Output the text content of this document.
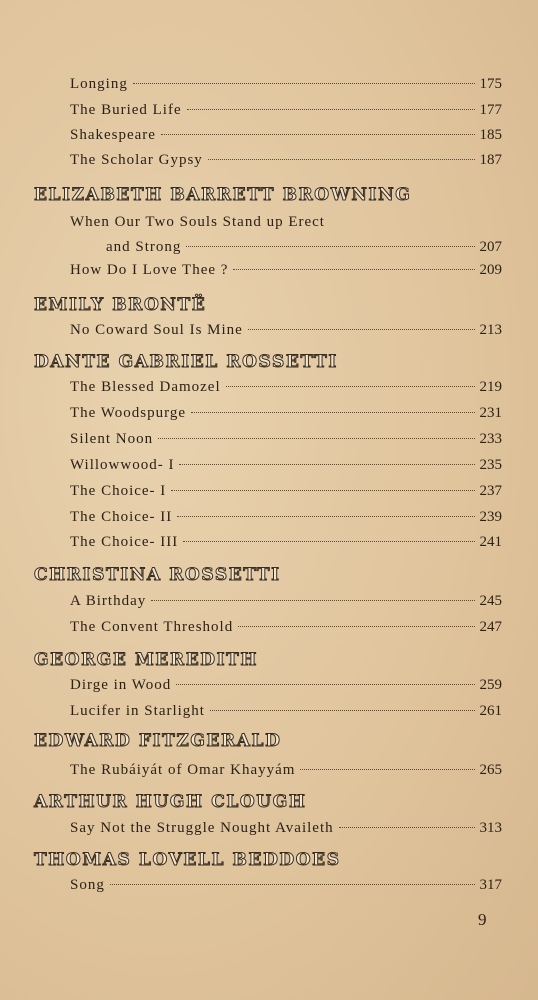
Longing	175
The Buried Life	177
Shakespeare	185
The Scholar Gypsy	187
ELIZABETH BARRETT BROWNING
When Our Two Souls Stand up Erect
and Strong	207
How Do I Love Thee ?	209
EMILY BRONTË
No Coward Soul Is Mine	213
DANTE GABRIEL ROSSETTI
The Blessed Damozel	219
The Woodspurge	231
Silent Noon	233
Willowwood- I	235
The Choice- I	237
The Choice- II	239
The Choice- III	241
CHRISTINA ROSSETTI
A Birthday	245
The Convent Threshold	247
GEORGE MEREDITH
Dirge in Wood	259
Lucifer in Starlight	261
EDWARD FITZGERALD
The Rubáiyát of Omar Khayyám	265
ARTHUR HUGH CLOUGH
Say Not the Struggle Nought Availeth	313
THOMAS LOVELL BEDDOES
Song	317
9
